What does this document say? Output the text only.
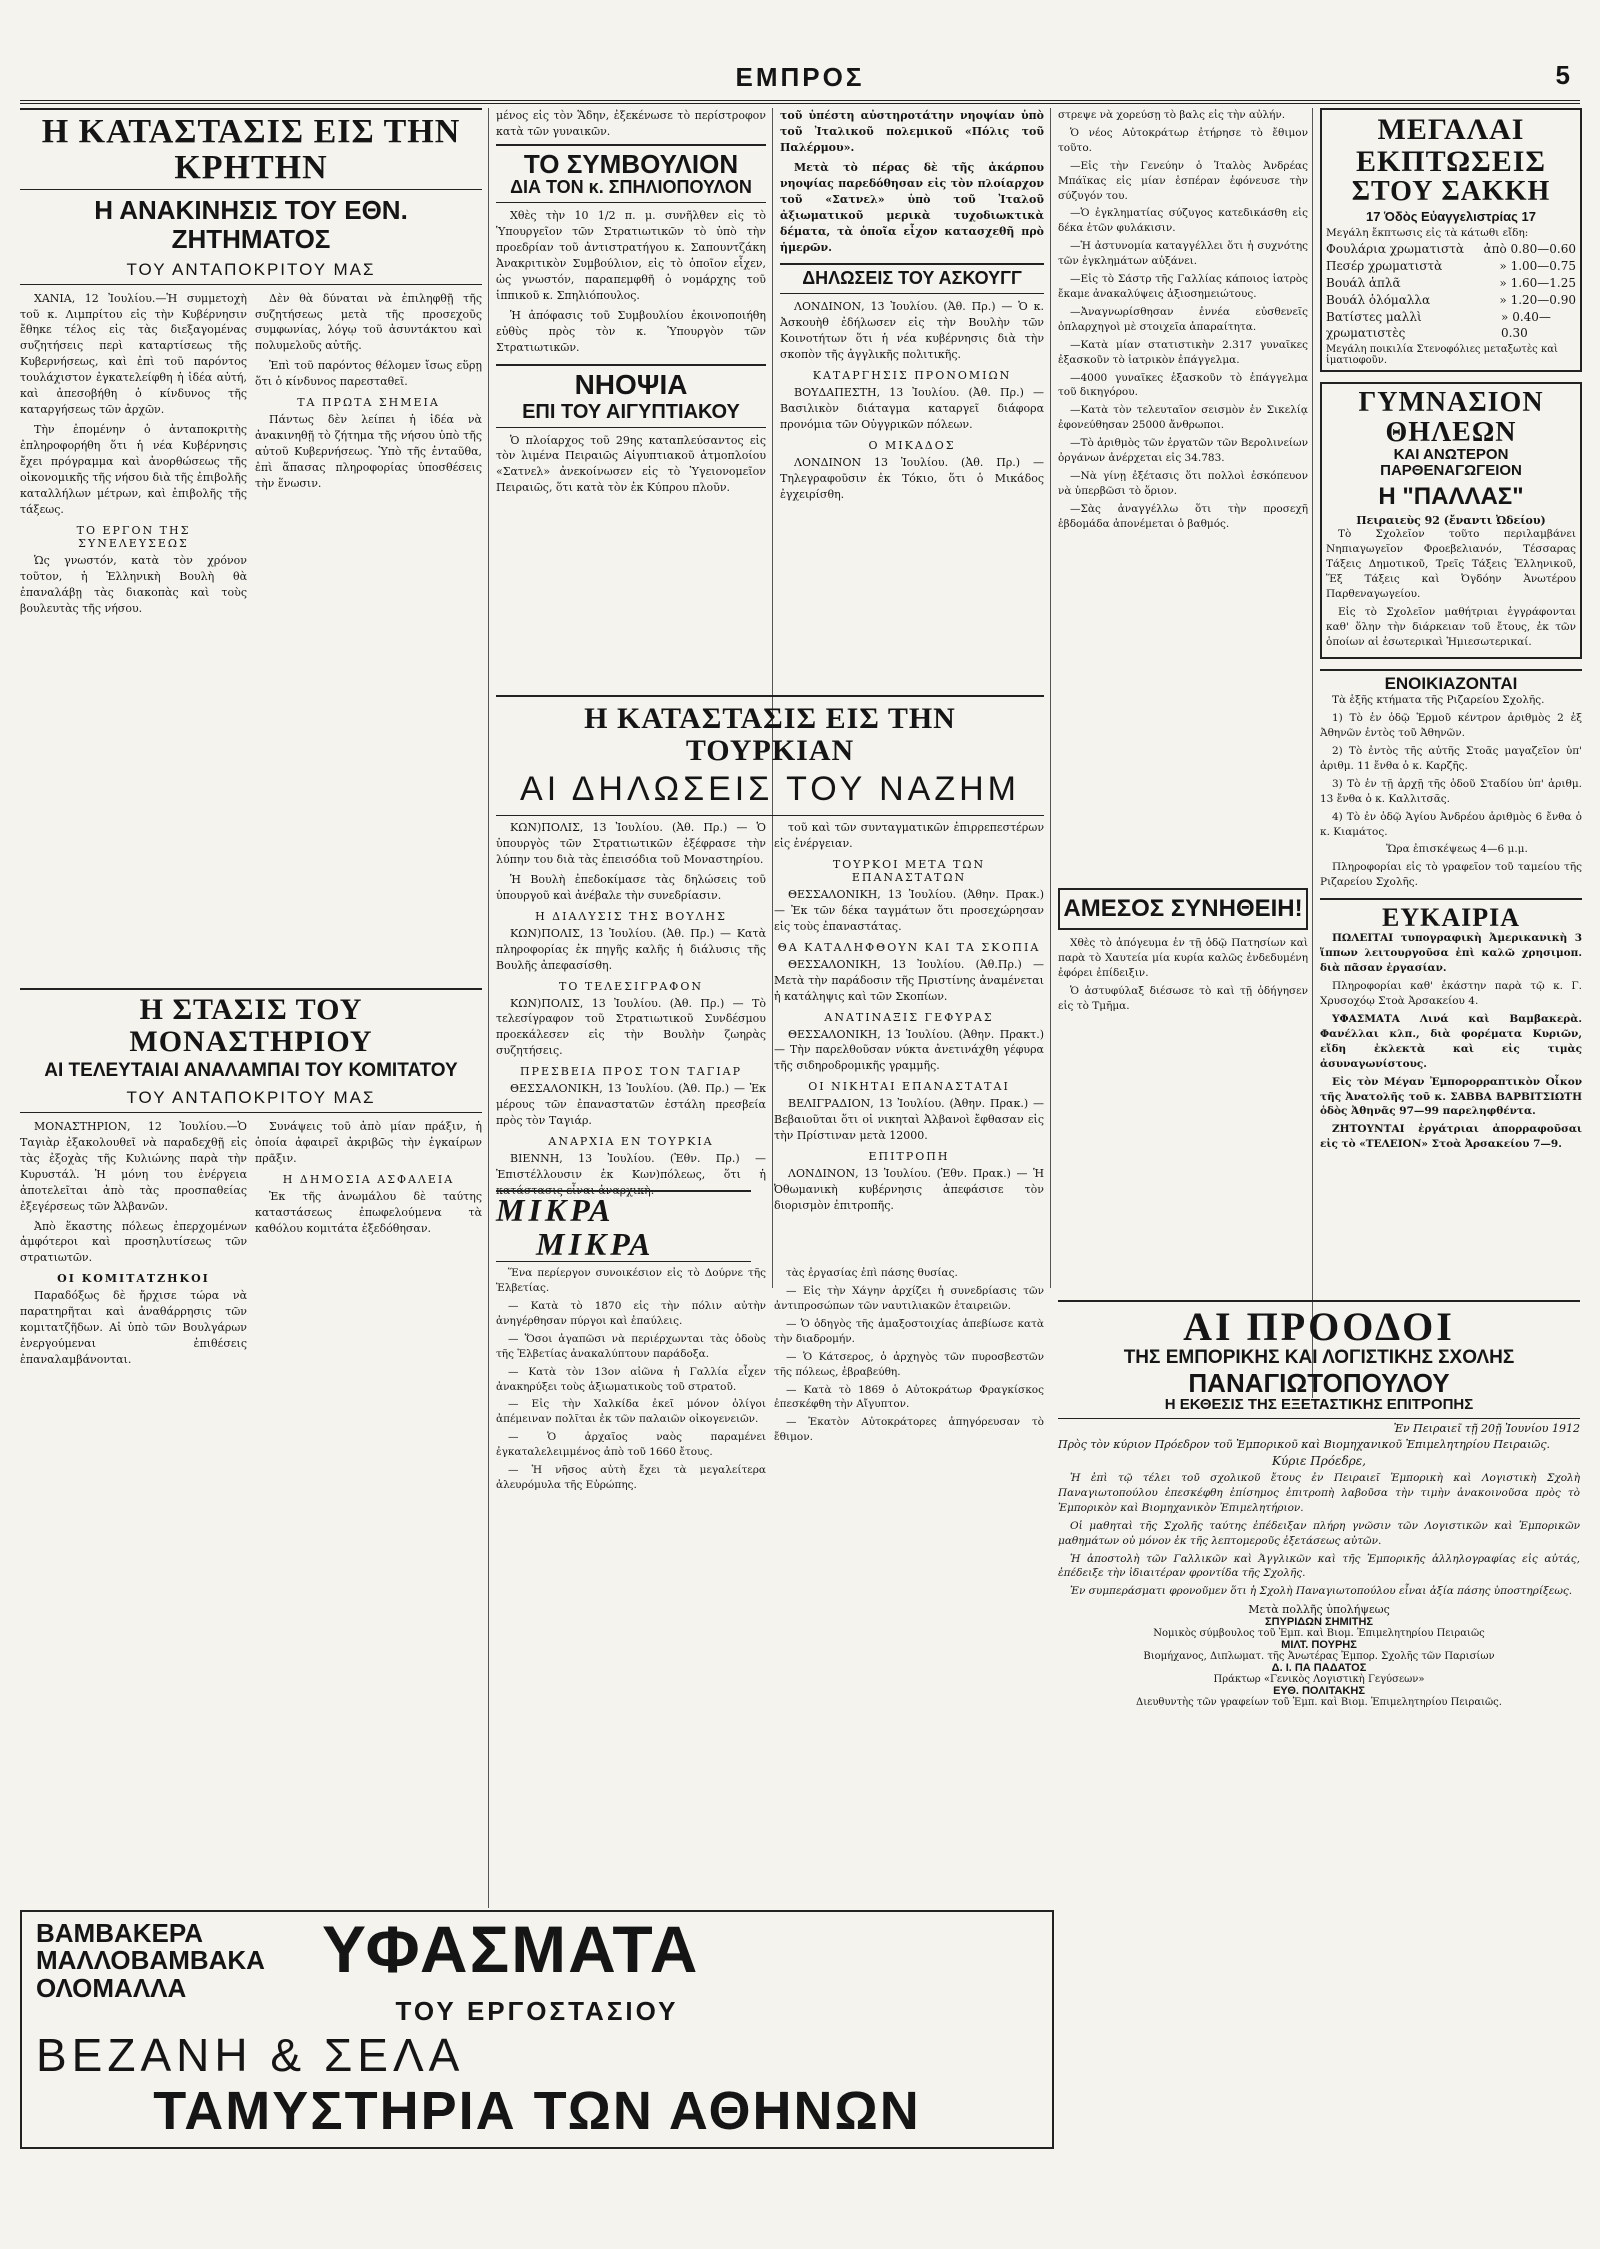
ΕΜΠΡΟΣ	5
Η ΚΑΤΑΣΤΑΣΙΣ ΕΙΣ ΤΗΝ ΚΡΗΤΗΝ
Η ΑΝΑΚΙΝΗΣΙΣ ΤΟΥ ΕΘΝ. ΖΗΤΗΜΑΤΟΣ
ΤΟΥ ΑΝΤΑΠΟΚΡΙΤΟΥ ΜΑΣ

ΧΑΝΙΑ, 12 Ἰουλίου.—Ἡ συμμετοχὴ τοῦ κ. Λιμπρίτου εἰς τὴν Κυβέρνησιν ἔθηκε τέλος εἰς τὰς διεξαγομένας συζητήσεις περὶ καταρτίσεως τῆς Κυβερνήσεως, καὶ ἐπὶ τοῦ παρόντος τουλάχιστον ἐγκατελείφθη ἡ ἰδέα αὐτή, καὶ ἀπεσοβήθη ὁ κίνδυνος τῆς καταργήσεως τῶν ἀρχῶν.

Τὴν ἐπομένην ὁ ἀνταποκριτὴς ἐπληροφορήθη ὅτι ἡ νέα Κυβέρνησις ἔχει πρόγραμμα καὶ ἀνορθώσεως τῆς οἰκονομικῆς τῆς νήσου διὰ τῆς ἐπιβολῆς καταλλήλων μέτρων, καὶ ἐπιβολῆς τῆς τάξεως.

ΤΟ ΕΡΓΟΝ ΤΗΣ ΣΥΝΕΛΕΥΣΕΩΣ

Ὡς γνωστόν, κατὰ τὸν χρόνον τοῦτον, ἡ Ἑλληνικὴ Βουλὴ θὰ ἐπαναλάβῃ τὰς διακοπὰς καὶ τοὺς βουλευτὰς τῆς νήσου.

Δὲν θὰ δύναται νὰ ἐπιληφθῇ τῆς συζητήσεως μετὰ τῆς προσεχοῦς συμφωνίας, λόγῳ τοῦ ἀσυντάκτου καὶ πολυμελοῦς αὐτῆς.

Ἐπὶ τοῦ παρόντος θέλομεν ἴσως εὕρῃ ὅτι ὁ κίνδυνος παρεσταθεῖ.

ΤΑ ΠΡΩΤΑ ΣΗΜΕΙΑ

Πάντως δὲν λείπει ἡ ἰδέα νὰ ἀνακινηθῇ τὸ ζήτημα τῆς νήσου ὑπὸ τῆς αὐτοῦ Κυβερνήσεως. Ὑπὸ τῆς ἐνταῦθα, ἐπὶ ἅπασας πληροφορίας ὑποσθέσεις τὴν ἕνωσιν.

Η ΣΤΑΣΙΣ ΤΟΥ ΜΟΝΑΣΤΗΡΙΟΥ
ΑΙ ΤΕΛΕΥΤΑΙΑΙ ΑΝΑΛΑΜΠΑΙ ΤΟΥ ΚΟΜΙΤΑΤΟΥ
ΤΟΥ ΑΝΤΑΠΟΚΡΙΤΟΥ ΜΑΣ

ΜΟΝΑΣΤΗΡΙΟΝ, 12 Ἰουλίου.—Ὁ Ταγιὰρ ἐξακολουθεῖ νὰ παραδεχθῇ εἰς τὰς ἐξοχὰς τῆς Κυλιώνης παρὰ τὴν Κυρυστάλ. Ἡ μόνη του ἐνέργεια ἀποτελεῖται ἀπὸ τὰς προσπαθείας ἐξεγέρσεως τῶν Ἀλβανῶν.

Ἀπὸ ἕκαστης πόλεως ἐπερχομένων ἀμφότεροι καὶ προσηλυτίσεως τῶν στρατιωτῶν.

ΟΙ ΚΟΜΙΤΑΤΖΗΚΟΙ

Παραδόξως δὲ ἤρχισε τώρα νὰ παρατηρῆται καὶ ἀναθάρρησις τῶν κομιτατζῆδων. Αἱ ὑπὸ τῶν Βουλγάρων ἐνεργούμεναι ἐπιθέσεις ἐπαναλαμβάνονται.

Συνάψεις τοῦ ἀπὸ μίαν πράξιν, ἡ ὁποία ἀφαιρεῖ ἀκριβῶς τὴν ἐγκαίρων πρᾶξιν.

Η ΔΗΜΟΣΙΑ ΑΣΦΑΛΕΙΑ

Ἐκ τῆς ἀνωμάλου δὲ ταύτης καταστάσεως ἐπωφελούμενα τὰ καθόλου κομιτάτα ἐξεδόθησαν.

μένος εἰς τὸν Ἅδην, ἐξεκένωσε τὸ περίστροφον κατὰ τῶν γυναικῶν.

ΤΟ ΣΥΜΒΟΥΛΙΟΝ
ΔΙΑ ΤΟΝ κ. ΣΠΗΛΙΟΠΟΥΛΟΝ

Χθὲς τὴν 10 1/2 π. μ. συνῆλθεν εἰς τὸ Ὑπουργεῖον τῶν Στρατιωτικῶν τὸ ὑπὸ τὴν προεδρίαν τοῦ ἀντιστρατήγου κ. Σαπουντζάκη Ἀνακριτικὸν Συμβούλιον, εἰς τὸ ὁποῖον εἶχεν, ὡς γνωστόν, παραπεμφθῆ ὁ νομάρχης τοῦ ἱππικοῦ κ. Σπηλιόπουλος.

Ἡ ἀπόφασις τοῦ Συμβουλίου ἐκοινοποιήθη εὐθὺς πρὸς τὸν κ. Ὑπουργὸν τῶν Στρατιωτικῶν.

ΝΗΟΨΙΑ
ΕΠΙ ΤΟΥ ΑΙΓΥΠΤΙΑΚΟΥ

Ὁ πλοίαρχος τοῦ 29ης καταπλεύσαντος εἰς τὸν λιμένα Πειραιῶς Αἰγυπτιακοῦ ἀτμοπλοίου «Σατνελ» ἀνεκοίνωσεν εἰς τὸ Ὑγειονομεῖον Πειραιῶς, ὅτι κατὰ τὸν ἐκ Κύπρου πλοῦν.

τοῦ ὑπέστη αὐστηροτάτην νηοψίαν ὑπὸ τοῦ Ἰταλικοῦ πολεμικοῦ «Πόλις τοῦ Παλέρμου».

Μετὰ τὸ πέρας δὲ τῆς ἀκάρπου νηοψίας παρεδόθησαν εἰς τὸν πλοίαρχον τοῦ «Σατνελ» ὑπὸ τοῦ Ἰταλοῦ ἀξιωματικοῦ μερικὰ τυχοδιωκτικὰ δέματα, τὰ ὁποῖα εἶχον κατασχεθῆ πρὸ ἡμερῶν.

ΔΗΛΩΣΕΙΣ ΤΟΥ ΑΣΚΟΥΓΓ

ΛΟΝΔΙΝΟΝ, 13 Ἰουλίου. (Ἀθ. Πρ.) — Ὁ κ. Ἀσκουὴθ ἐδήλωσεν εἰς τὴν Βουλὴν τῶν Κοινοτήτων ὅτι ἡ νέα κυβέρνησις διὰ τὴν σκοπὸν τῆς ἀγγλικῆς πολιτικῆς.

ΚΑΤΑΡΓΗΣΙΣ ΠΡΟΝΟΜΙΩΝ

ΒΟΥΔΑΠΕΣΤΗ, 13 Ἰουλίου. (Ἀθ. Πρ.) — Βασιλικὸν διάταγμα καταργεῖ διάφορα προνόμια τῶν Οὐγγρικῶν πόλεων.

Ο ΜΙΚΑΔΟΣ

ΛΟΝΔΙΝΟΝ 13 Ἰουλίου. (Ἀθ. Πρ.) — Τηλεγραφοῦσιν ἐκ Τόκιο, ὅτι ὁ Μικάδος ἐγχειρίσθη.

Η ΚΑΤΑΣΤΑΣΙΣ ΕΙΣ ΤΗΝ ΤΟΥΡΚΙΑΝ
ΑΙ ΔΗΛΩΣΕΙΣ ΤΟΥ ΝΑΖΗΜ

ΚΩΝ)ΠΟΛΙΣ, 13 Ἰουλίου. (Ἀθ. Πρ.) — Ὁ ὑπουργὸς τῶν Στρατιωτικῶν ἐξέφρασε τὴν λύπην του διὰ τὰς ἐπεισόδια τοῦ Μοναστηρίου.

Ἡ Βουλὴ ἐπεδοκίμασε τὰς δηλώσεις τοῦ ὑπουργοῦ καὶ ἀνέβαλε τὴν συνεδρίασιν.

Η ΔΙΑΛΥΣΙΣ ΤΗΣ ΒΟΥΛΗΣ

ΚΩΝ)ΠΟΛΙΣ, 13 Ἰουλίου. (Ἀθ. Πρ.) — Κατὰ πληροφορίας ἐκ πηγῆς καλῆς ἡ διάλυσις τῆς Βουλῆς ἀπεφασίσθη.

ΤΟ ΤΕΛΕΣΙΓΡΑΦΟΝ

ΚΩΝ)ΠΟΛΙΣ, 13 Ἰουλίου. (Ἀθ. Πρ.) — Τὸ τελεσίγραφον τοῦ Στρατιωτικοῦ Συνδέσμου προεκάλεσεν εἰς τὴν Βουλὴν ζωηρὰς συζητήσεις.

ΠΡΕΣΒΕΙΑ ΠΡΟΣ ΤΟΝ ΤΑΓΙΑΡ

ΘΕΣΣΑΛΟΝΙΚΗ, 13 Ἰουλίου. (Ἀθ. Πρ.) — Ἐκ μέρους τῶν ἐπαναστατῶν ἐστάλη πρεσβεία πρὸς τὸν Ταγιάρ.

ΑΝΑΡΧΙΑ ΕΝ ΤΟΥΡΚΙΑ

ΒΙΕΝΝΗ, 13 Ἰουλίου. (Ἐθν. Πρ.) — Ἐπιστέλλουσιν ἐκ Κων)πόλεως, ὅτι ἡ κατάστασις εἶναι ἀναρχικὴ.

τοῦ καὶ τῶν συνταγματικῶν ἐπιρρεπεστέρων εἰς ἐνέργειαν.

ΤΟΥΡΚΟΙ ΜΕΤΑ ΤΩΝ ΕΠΑΝΑΣΤΑΤΩΝ

ΘΕΣΣΑΛΟΝΙΚΗ, 13 Ἰουλίου. (Ἀθην. Πρακ.) — Ἐκ τῶν δέκα ταγμάτων ὅτι προσεχώρησαν εἰς τοὺς ἐπαναστάτας.

ΘΑ ΚΑΤΑΛΗΦΘΟΥΝ ΚΑΙ ΤΑ ΣΚΟΠΙΑ

ΘΕΣΣΑΛΟΝΙΚΗ, 13 Ἰουλίου. (Ἀθ.Πρ.) — Μετὰ τὴν παράδοσιν τῆς Πριστίνης ἀναμένεται ἡ κατάληψις καὶ τῶν Σκοπίων.

ΑΝΑΤΙΝΑΞΙΣ ΓΕΦΥΡΑΣ

ΘΕΣΣΑΛΟΝΙΚΗ, 13 Ἰουλίου. (Ἀθην. Πρακτ.) — Τὴν παρελθοῦσαν νύκτα ἀνετινάχθη γέφυρα τῆς σιδηροδρομικῆς γραμμῆς.

ΟΙ ΝΙΚΗΤΑΙ ΕΠΑΝΑΣΤΑΤΑΙ

ΒΕΛΙΓΡΑΔΙΟΝ, 13 Ἰουλίου. (Ἀθην. Πρακ.) — Βεβαιοῦται ὅτι οἱ νικηταὶ Ἀλβανοὶ ἔφθασαν εἰς τὴν Πρίστιναν μετὰ 12000.

ΕΠΙΤΡΟΠΗ

ΛΟΝΔΙΝΟΝ, 13 Ἰουλίου. (Ἐθν. Πρακ.) — Ἡ Ὀθωμανικὴ κυβέρνησις ἀπεφάσισε τὸν διορισμὸν ἐπιτροπῆς.

ΜΙΚΡΑ
ΜΙΚΡΑ

Ἕνα περίεργον συνοικέσιον εἰς τὸ Δούρνε τῆς Ἑλβετίας.

— Κατὰ τὸ 1870 εἰς τὴν πόλιν αὐτὴν ἀνηγέρθησαν πύργοι καὶ ἐπαύλεις.

— Ὅσοι ἀγαπῶσι νὰ περιέρχωνται τὰς ὁδοὺς τῆς Ἑλβετίας ἀνακαλύπτουν παράδοξα.

— Κατὰ τὸν 13ον αἰῶνα ἡ Γαλλία εἶχεν ἀνακηρύξει τοὺς ἀξιωματικοὺς τοῦ στρατοῦ.

— Εἰς τὴν Χαλκίδα ἐκεῖ μόνον ὁλίγοι ἀπέμειναν πολῖται ἐκ τῶν παλαιῶν οἰκογενειῶν.

— Ὁ ἀρχαῖος ναὸς παραμένει ἐγκαταλελειμμένος ἀπὸ τοῦ 1660 ἔτους.

— Ἡ νῆσος αὐτὴ ἔχει τὰ μεγαλείτερα ἀλευρόμυλα τῆς Εὐρώπης.

τὰς ἐργασίας ἐπὶ πάσης θυσίας.

— Εἰς τὴν Χάγην ἀρχίζει ἡ συνεδρίασις τῶν ἀντιπροσώπων τῶν ναυτιλιακῶν ἑταιρειῶν.

— Ὁ ὁδηγὸς τῆς ἀμαξοστοιχίας ἀπεβίωσε κατὰ τὴν διαδρομήν.

— Ὁ Κάτσερος, ὁ ἀρχηγὸς τῶν πυροσβεστῶν τῆς πόλεως, ἐβραβεύθη.

— Κατὰ τὸ 1869 ὁ Αὐτοκράτωρ Φραγκίσκος ἐπεσκέφθη τὴν Αἴγυπτον.

— Ἐκατὸν Αὐτοκράτορες ἀπηγόρευσαν τὸ ἔθιμον.

στρεψε νὰ χορεύσῃ τὸ βαλς εἰς τὴν αὐλήν.

Ὁ νέος Αὐτοκράτωρ ἐτήρησε τὸ ἔθιμον τοῦτο.

—Εἰς τὴν Γενεύην ὁ Ἰταλὸς Ἀνδρέας Μπάϊκας εἰς μίαν ἑσπέραν ἐφόνευσε τὴν σύζυγόν του.

—Ὁ ἐγκληματίας σύζυγος κατεδικάσθη εἰς δέκα ἐτῶν φυλάκισιν.

—Ἡ ἀστυνομία καταγγέλλει ὅτι ἡ συχνότης τῶν ἐγκλημάτων αὐξάνει.

—Εἰς τὸ Σάστρ τῆς Γαλλίας κάποιος ἰατρὸς ἔκαμε ἀνακαλύψεις ἀξιοσημειώτους.

—Ἀναγνωρίσθησαν ἐννέα εὐσθενεῖς ὁπλαρχηγοὶ μὲ στοιχεῖα ἀπαραίτητα.

—Κατὰ μίαν στατιστικὴν 2.317 γυναῖκες ἐξασκοῦν τὸ ἰατρικὸν ἐπάγγελμα.

—4000 γυναῖκες ἐξασκοῦν τὸ ἐπάγγελμα τοῦ δικηγόρου.

—Κατὰ τὸν τελευταῖον σεισμὸν ἐν Σικελίᾳ ἐφονεύθησαν 25000 ἄνθρωποι.

—Τὸ ἀριθμὸς τῶν ἐργατῶν τῶν Βερολινείων ὀργάνων ἀνέρχεται εἰς 34.783.

—Νὰ γίνῃ ἐξέτασις ὅτι πολλοὶ ἐσκόπευον νὰ ὑπερβῶσι τὸ ὅριον.

—Σὰς ἀναγγέλλω ὅτι τὴν προσεχῆ ἑβδομάδα ἀπονέμεται ὁ βαθμός.

ΑΜΕΣΟΣ ΣΥΝΗΘΕΙΗ!

Χθὲς τὸ ἀπόγευμα ἐν τῇ ὁδῷ Πατησίων καὶ παρὰ τὸ Χαυτεία μία κυρία καλῶς ἐνδεδυμένη ἐφόρει ἐπίδειξιν.

Ὁ ἀστυφύλαξ διέσωσε τὸ καὶ τῇ ὁδήγησεν εἰς τὸ Τμῆμα.

ΜΕΓΑΛΑΙ ΕΚΠΤΩΣΕΙΣ
ΣΤΟΥ ΣΑΚΚΗ
17 Ὁδὸς Εὐαγγελιστρίας 17
Μεγάλη ἔκπτωσις εἰς τὰ κάτωθι εἴδη:
Φουλάρια χρωματιστὰ ἀπὸ 0.80—0.60
Πεσέρ χρωματιστὰ	» 1.00—0.75
Βουάλ ἁπλᾶ	» 1.60—1.25
Βουάλ ὁλόμαλλα	» 1.20—0.90
Βατίστες μαλλὶ χρωματιστὲς
» 0.40—0.30
Μεγάλη ποικιλία Στενοφόλιες μεταξωτὲς καὶ ἱματιοφοῦν.
ΓΥΜΝΑΣΙΟΝ ΘΗΛΕΩΝ
ΚΑΙ ΑΝΩΤΕΡΟΝ ΠΑΡΘΕΝΑΓΩΓΕΙΟΝ
Η "ΠΑΛΛΑΣ"
Πειραιεὺς 92 (ἔναντι Ὠδείου)

Τὸ Σχολεῖον τοῦτο περιλαμβάνει Νηπιαγωγεῖον Φροεβελιανόν, Τέσσαρας Τάξεις Δημοτικοῦ, Τρεῖς Τάξεις Ἑλληνικοῦ, Ἕξ Τάξεις καὶ Ὀγδόην Ἀνωτέρου Παρθεναγωγείου.

Εἰς τὸ Σχολεῖον μαθήτριαι ἐγγράφονται καθ' ὅλην τὴν διάρκειαν τοῦ ἔτους, ἐκ τῶν ὁποίων αἱ ἐσωτερικαὶ Ἡμιεσωτερικαί.

ΕΝΟΙΚΙΑΖΟΝΤΑΙ

Τὰ ἑξῆς κτήματα τῆς Ριζαρείου Σχολῆς.

1) Τὸ ἐν ὁδῷ Ἑρμοῦ κέντρον ἀριθμὸς 2 ἐξ Ἀθηνῶν ἐντὸς τοῦ Ἀθηνῶν.

2) Τὸ ἐντὸς τῆς αὐτῆς Στοᾶς μαγαζεῖον ὑπ' ἀριθμ. 11 ἔνθα ὁ κ. Καρζῆς.

3) Τὸ ἐν τῇ ἀρχῇ τῆς ὁδοῦ Σταδίου ὑπ' ἀριθμ. 13 ἔνθα ὁ κ. Καλλιτσᾶς.

4) Τὸ ἐν ὁδῷ Ἁγίου Ἀνδρέου ἀριθμὸς 6 ἔνθα ὁ κ. Κιαμάτος.

Ὥρα ἐπισκέψεως 4—6 μ.μ.

Πληροφορίαι εἰς τὸ γραφεῖον τοῦ ταμείου τῆς Ριζαρείου Σχολῆς.

ΕΥΚΑΙΡΙΑ

ΠΩΛΕΙΤΑΙ τυπογραφικὴ Ἀμερικανικὴ 3 ἵππων λειτουργοῦσα ἐπὶ καλῶ χρησιμοπ. διὰ πᾶσαν ἐργασίαν.

Πληροφορίαι καθ' ἑκάστην παρὰ τῷ κ. Γ. Χρυσοχόῳ Στοὰ Ἀρσακείου 4.

ΥΦΑΣΜΑΤΑ Λινά καὶ Βαμβακερὰ. Φανέλλαι κλπ., διὰ φορέματα Κυριῶν, εἴδη ἐκλεκτὰ καὶ εἰς τιμὰς ἀσυναγωνίστους.

Εἰς τὸν Μέγαν Ἐμπορορραπτικὸν Οἶκον τῆς Ἀνατολῆς τοῦ κ. ΣΑΒΒΑ ΒΑΡΒΙΤΣΙΩΤΗ ὁδὸς Ἀθηνᾶς 97—99 παρεληφθέντα.

ΖΗΤΟΥΝΤΑΙ ἐργάτριαι ἀπορραφοῦσαι εἰς τὸ «ΤΕΛΕΙΟΝ» Στοὰ Ἀρσακείου 7—9.

ΑΙ ΠΡΟΟΔΟΙ
ΤΗΣ ΕΜΠΟΡΙΚΗΣ ΚΑΙ ΛΟΓΙΣΤΙΚΗΣ ΣΧΟΛΗΣ
ΠΑΝΑΓΙΩΤΟΠΟΥΛΟΥ
Η ΕΚΘΕΣΙΣ ΤΗΣ ΕΞΕΤΑΣΤΙΚΗΣ ΕΠΙΤΡΟΠΗΣ
Ἐν Πειραιεῖ τῇ 20ῇ Ἰουνίου 1912
Πρὸς τὸν κύριον Πρόεδρον τοῦ Ἐμπορικοῦ καὶ Βιομηχανικοῦ Ἐπιμελητηρίου Πειραιῶς.
Κύριε Πρόεδρε,

Ἡ ἐπὶ τῷ τέλει τοῦ σχολικοῦ ἔτους ἐν Πειραιεῖ Ἐμπορικὴ καὶ Λογιστικὴ Σχολὴ Παναγιωτοπούλου ἐπεσκέφθη ἐπίσημος ἐπιτροπὴ λαβοῦσα τὴν τιμὴν ἀνακοινοῦσα πρὸς τὸ Ἐμπορικὸν καὶ Βιομηχανικὸν Ἐπιμελητήριον.

Οἱ μαθηταὶ τῆς Σχολῆς ταύτης ἐπέδειξαν πλήρη γνῶσιν τῶν Λογιστικῶν καὶ Ἐμπορικῶν μαθημάτων οὐ μόνον ἐκ τῆς λεπτομεροῦς ἐξετάσεως αὐτῶν.

Ἡ ἀποστολὴ τῶν Γαλλικῶν καὶ Ἀγγλικῶν καὶ τῆς Ἐμπορικῆς ἀλληλογραφίας εἰς αὐτάς, ἐπέδειξε τὴν ἰδιαιτέραν φροντίδα τῆς Σχολῆς.

Ἐν συμπεράσματι φρονοῦμεν ὅτι ἡ Σχολὴ Παναγιωτοπούλου εἶναι ἀξία πάσης ὑποστηρίξεως.

Μετὰ πολλῆς ὑπολήψεως
ΣΠΥΡΙΔΩΝ ΣΗΜΙΤΗΣ
Νομικὸς σύμβουλος τοῦ Ἐμπ. καὶ Βιομ. Ἐπιμελητηρίου Πειραιῶς
ΜΙΛΤ. ΠΟΥΡΗΣ
Βιομήχανος, Διπλωματ. τῆς Ἀνωτέρας Ἐμπορ. Σχολῆς τῶν Παρισίων
Δ. Ι. ΠΑ ΠΑΔΑΤΟΣ
Πράκτωρ «Γενικὸς Λογιστικὴ Γεγύσεων»
ΕΥΘ. ΠΟΛΙΤΑΚΗΣ
Διευθυντὴς τῶν γραφείων τοῦ Ἐμπ. καὶ Βιομ. Ἐπιμελητηρίου Πειραιῶς.
ΒΑΜΒΑΚΕΡΑ
ΜΑΛΛΟΒΑΜΒΑΚΑ
ΟΛΟΜΑΛΛΑ
ΥΦΑΣΜΑΤΑ
ΤΟΥ ΕΡΓΟΣΤΑΣΙΟΥ
ΒΕΖΑΝΗ & ΣΕΛΑ
ΤΑΜΥΣΤΗΡΙΑ ΤΩΝ ΑΘΗΝΩΝ
